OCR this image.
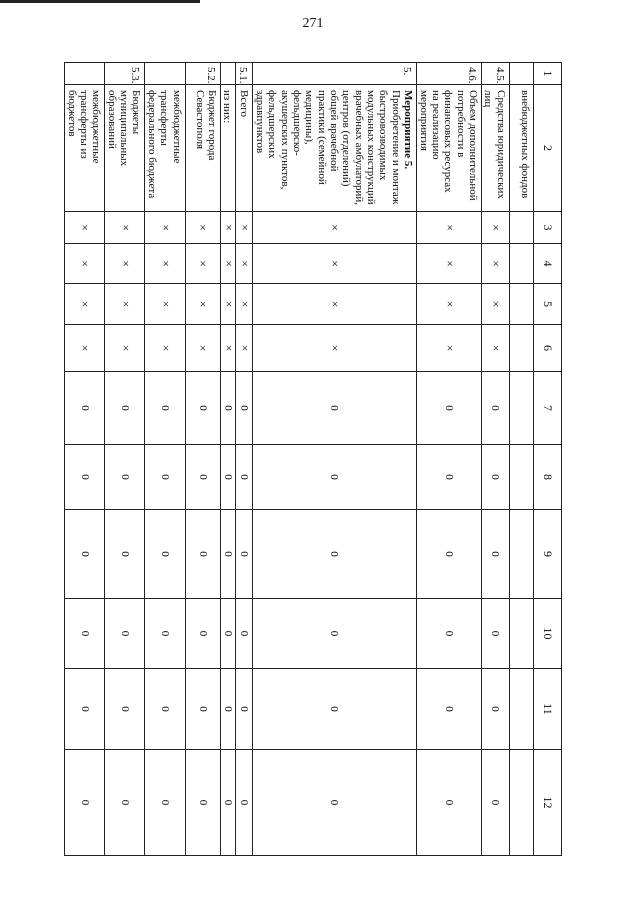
271
1	2	3	4	5	6	7	8	9	10	11	12
	внебюджетных фондов										
4.5.	Средства юридических лиц	×	×	×	×	0	0	0	0	0	0
4.6.	Объем дополнительной потребности в финансовых ресурсах на реализацию мероприятия	×	×	×	×	0	0	0	0	0	0
5.	Мероприятие 5. Приобретение и монтаж быстровозводимых модульных конструкций врачебных амбулаторий, центров (отделений) общей врачебной практики (семейной медицины), фельдшерско-акушерских пунктов, фельдшерских здравпунктов	×	×	×	×	0	0	0	0	0	0
5.1.	Всего	×	×	×	×	0	0	0	0	0	0
	из них:	×	×	×	×	0	0	0	0	0	0
5.2.	Бюджет города Севастополя	×	×	×	×	0	0	0	0	0	0
	межбюджетные трансферты федерального бюджета	×	×	×	×	0	0	0	0	0	0
5.3.	Бюджеты муниципальных образований	×	×	×	×	0	0	0	0	0	0
	межбюджетные трансферты из бюджетов	×	×	×	×	0	0	0	0	0	0
